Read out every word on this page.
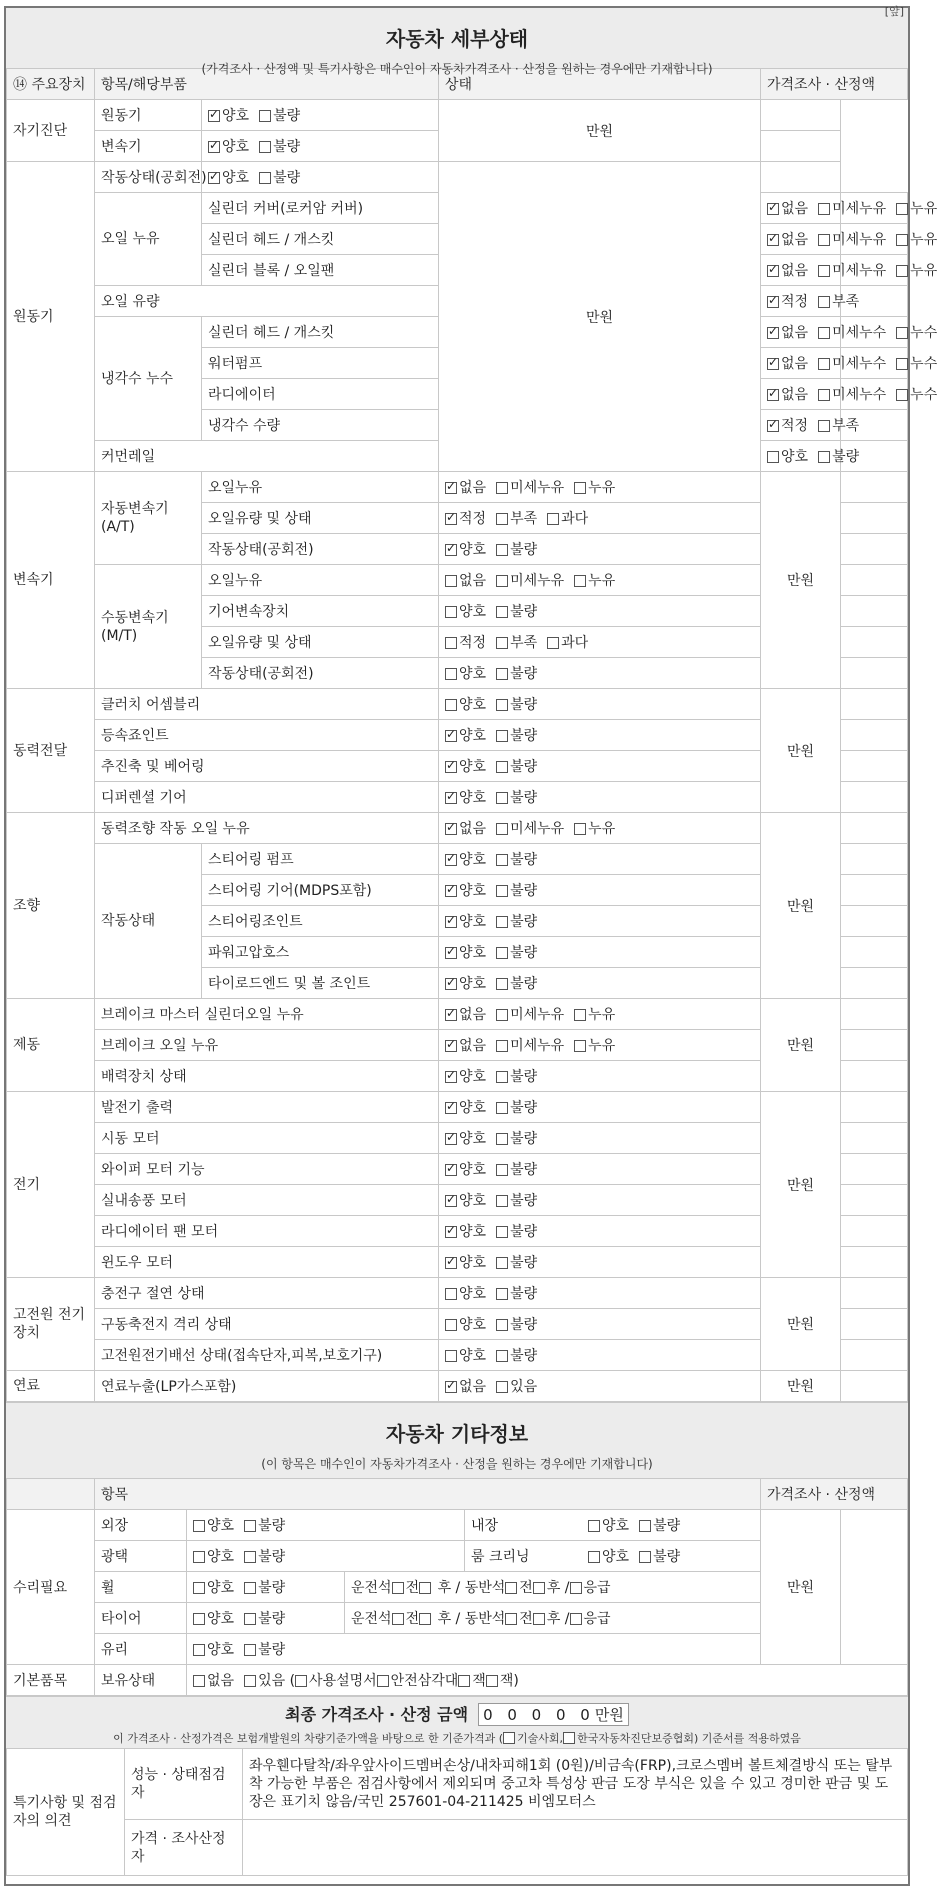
[앞]
자동차 세부상태
(가격조사 · 산정액 및 특기사항은 매수인이 자동차가격조사 · 산정을 원하는 경우에만 기재합니다)
⑭ 주요장치	항목/해당부품		상태	가격조사 · 산정액	
자기진단	원동기	✓양호 불량	만원		
	변속기	✓양호 불량	
원동기	작동상태(공회전)	✓양호 불량	만원		
	오일 누유	실린더 커버(로커암 커버)	✓없음 미세누유 누유	
		실린더 헤드 / 개스킷	✓없음 미세누유 누유	
		실린더 블록 / 오일팬	✓없음 미세누유 누유	
	오일 유량	✓적정 부족	
	냉각수 누수	실린더 헤드 / 개스킷	✓없음 미세누수 누수	
		워터펌프	✓없음 미세누수 누수	
		라디에이터	✓없음 미세누수 누수	
		냉각수 수량	✓적정 부족	
	커먼레일			양호 불량	
변속기	자동변속기 (A/T)	오일누유	✓없음 미세누유 누유	만원	
		오일유량 및 상태	✓적정 부족 과다	
		작동상태(공회전)	✓양호 불량	
	수동변속기 (M/T)	오일누유	없음 미세누유 누유		
		기어변속장치	양호 불량		
		오일유량 및 상태	적정 부족 과다		
		작동상태(공회전)	양호 불량		
동력전달	클러치 어셈블리		양호 불량	만원	
	등속죠인트	✓양호 불량	
	추진축 및 베어링	✓양호 불량	
	디퍼렌셜 기어	✓양호 불량	
조향	동력조향 작동 오일 누유	✓없음 미세누유 누유	만원	
	작동상태	스티어링 펌프	✓양호 불량	
		스티어링 기어(MDPS포함)	✓양호 불량	
		스티어링조인트	✓양호 불량	
		파워고압호스	✓양호 불량	
		타이로드엔드 및 볼 조인트	✓양호 불량	
제동	브레이크 마스터 실린더오일 누유	✓없음 미세누유 누유	만원	
	브레이크 오일 누유	✓없음 미세누유 누유	
	배력장치 상태	✓양호 불량	
전기	발전기 출력	✓양호 불량	만원	
	시동 모터	✓양호 불량	
	와이퍼 모터 기능	✓양호 불량	
	실내송풍 모터	✓양호 불량	
	라디에이터 팬 모터	✓양호 불량	
	윈도우 모터	✓양호 불량	
고전원 전기장치	충전구 절연 상태		양호 불량	만원	
	구동축전지 격리 상태		양호 불량		
	고전원전기배선 상태(접속단자,피복,보호기구)		양호 불량		
연료	연료누출(LP가스포함)	✓없음 있음	만원	
자동차 기타정보
(이 항목은 매수인이 자동차가격조사 · 산정을 원하는 경우에만 기재합니다)
	항목				가격조사 · 산정액	
수리필요	외장	양호 불량		내장 양호 불량	만원	
	광택	양호 불량		룸 크리닝 양호 불량		
	휠	양호 불량	운전석 전 후 / 동반석 전 후 / 응급			
	타이어	양호 불량	운전석 전 후 / 동반석 전 후 / 응급			
	유리	양호 불량				
기본품목	보유상태	없음 있음 ( 사용설명서 안전삼각대 잭 잭)				
최종 가격조사 · 산정 금액 0 0 0 0 0만원
이 가격조사 · 산정가격은 보험개발원의 차량기준가액을 바탕으로 한 기준가격과 ( 기술사회, 한국자동차진단보증협회) 기준서를 적용하였음
특기사항 및 점검자의 의견	성능 · 상태점검자	좌우휀다탈착/좌우앞사이드멤버손상/내차피해1회 (0원)/비금속(FRP),크로스멤버 볼트체결방식 또는 탈부착 가능한 부품은 점검사항에서 제외되며 중고차 특성상 판금 도장 부식은 있을 수 있고 경미한 판금 및 도장은 표기치 않음/국민 257601-04-211425 비엠모터스
	가격 · 조사산정자	
